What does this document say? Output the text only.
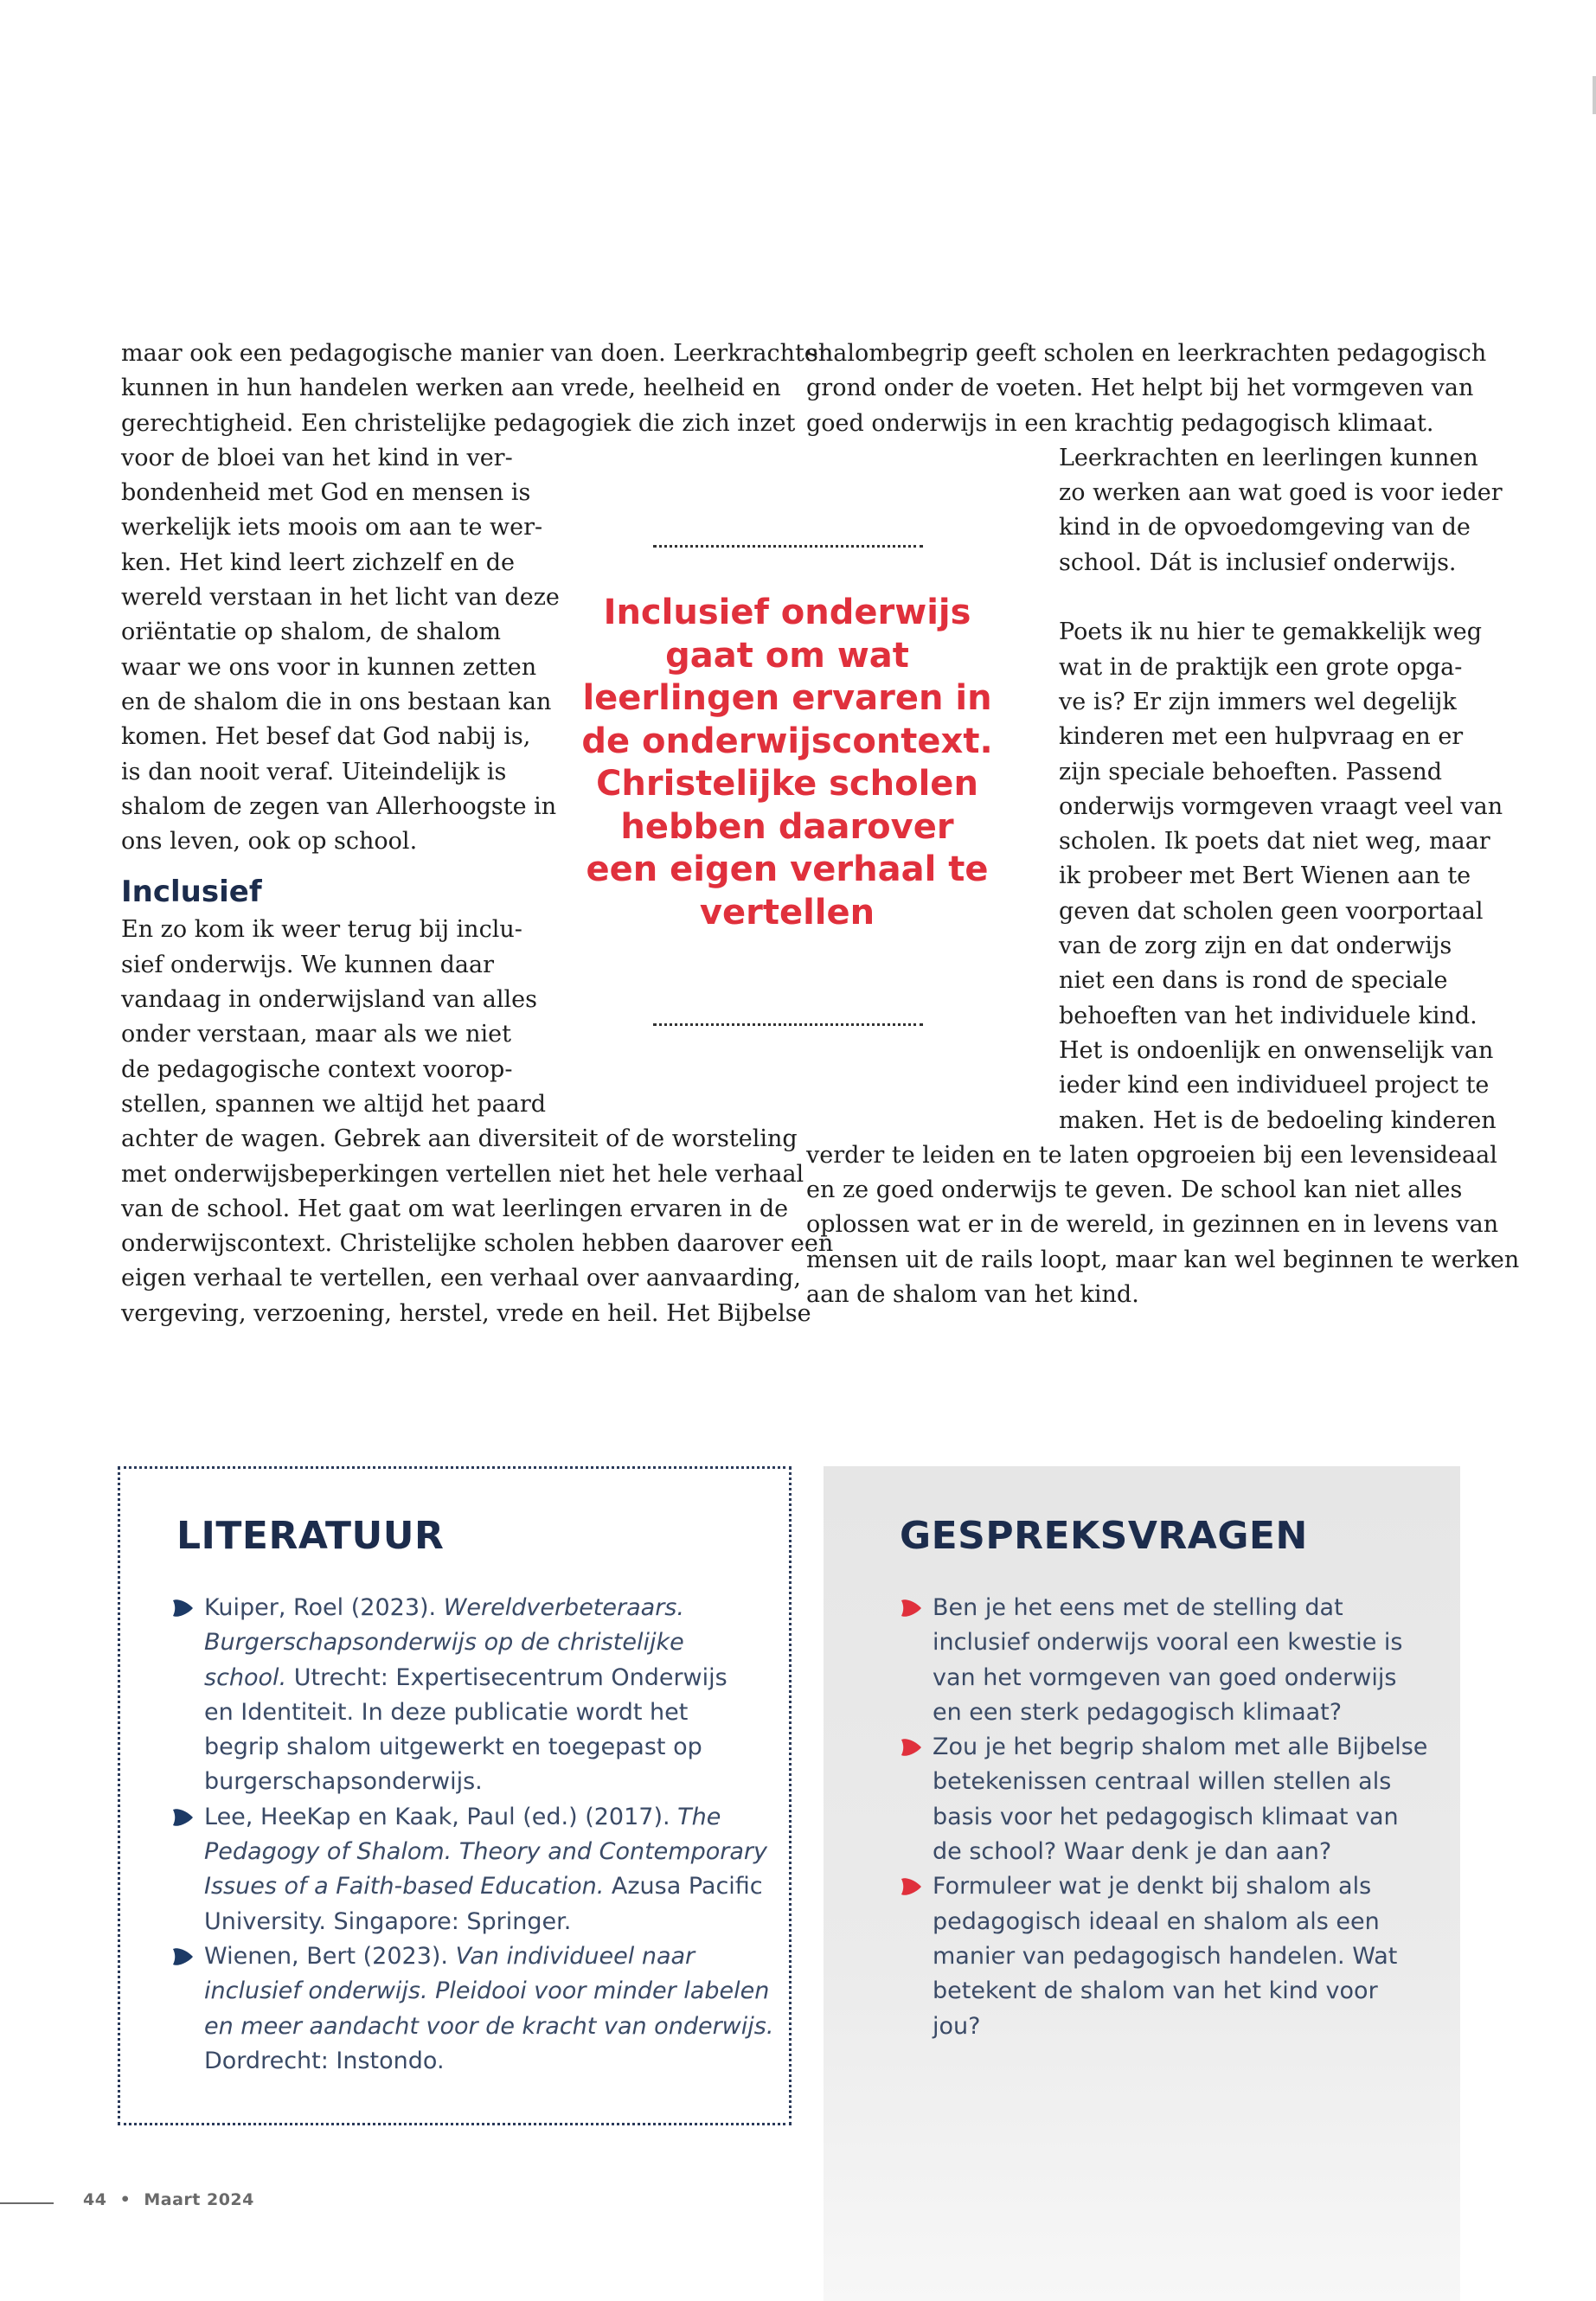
maar ook een pedagogische manier van doen. Leerkrachten
kunnen in hun handelen werken aan vrede, heelheid en
gerechtigheid. Een christelijke pedagogiek die zich inzet
voor de bloei van het kind in ver-
bondenheid met God en mensen is
werkelijk iets moois om aan te wer-
ken. Het kind leert zichzelf en de
wereld verstaan in het licht van deze
oriëntatie op shalom, de shalom
waar we ons voor in kunnen zetten
en de shalom die in ons bestaan kan
komen. Het besef dat God nabij is,
is dan nooit veraf. Uiteindelijk is
shalom de zegen van Allerhoogste in
ons leven, ook op school.
Inclusief
En zo kom ik weer terug bij inclu-
sief onderwijs. We kunnen daar
vandaag in onderwijsland van alles
onder verstaan, maar als we niet
de pedagogische context voorop-
stellen, spannen we altijd het paard
achter de wagen. Gebrek aan diversiteit of de worsteling
met onderwijsbeperkingen vertellen niet het hele verhaal
van de school. Het gaat om wat leerlingen ervaren in de
onderwijscontext. Christelijke scholen hebben daarover een
eigen verhaal te vertellen, een verhaal over aanvaarding,
vergeving, verzoening, herstel, vrede en heil. Het Bijbelse
shalombegrip geeft scholen en leerkrachten pedagogisch
grond onder de voeten. Het helpt bij het vormgeven van
goed onderwijs in een krachtig pedagogisch klimaat.
Leerkrachten en leerlingen kunnen
zo werken aan wat goed is voor ieder
kind in de opvoedomgeving van de
school. Dát is inclusief onderwijs.
Poets ik nu hier te gemakkelijk weg
wat in de praktijk een grote opga-
ve is? Er zijn immers wel degelijk
kinderen met een hulpvraag en er
zijn speciale behoeften. Passend
onderwijs vormgeven vraagt veel van
scholen. Ik poets dat niet weg, maar
ik probeer met Bert Wienen aan te
geven dat scholen geen voorportaal
van de zorg zijn en dat onderwijs
niet een dans is rond de speciale
behoeften van het individuele kind.
Het is ondoenlijk en onwenselijk van
ieder kind een individueel project te
maken. Het is de bedoeling kinderen
verder te leiden en te laten opgroeien bij een levensideaal
en ze goed onderwijs te geven. De school kan niet alles
oplossen wat er in de wereld, in gezinnen en in levens van
mensen uit de rails loopt, maar kan wel beginnen te werken
aan de shalom van het kind.
Inclusief onderwijs
gaat om wat
leerlingen ervaren in
de onderwijscontext.
Christelijke scholen
hebben daarover
een eigen verhaal te
vertellen
LITERATUUR
Kuiper, Roel (2023). Wereldverbeteraars.
Burgerschapsonderwijs op de christelijke
school. Utrecht: Expertisecentrum Onderwijs
en Identiteit. In deze publicatie wordt het
begrip shalom uitgewerkt en toegepast op
burgerschapsonderwijs.
Lee, HeeKap en Kaak, Paul (ed.) (2017). The
Pedagogy of Shalom. Theory and Contemporary
Issues of a Faith-based Education. Azusa Pacific
University. Singapore: Springer.
Wienen, Bert (2023). Van individueel naar
inclusief onderwijs. Pleidooi voor minder labelen
en meer aandacht voor de kracht van onderwijs.
Dordrecht: Instondo.
GESPREKSVRAGEN
Ben je het eens met de stelling dat
inclusief onderwijs vooral een kwestie is
van het vormgeven van goed onderwijs
en een sterk pedagogisch klimaat?
Zou je het begrip shalom met alle Bijbelse
betekenissen centraal willen stellen als
basis voor het pedagogisch klimaat van
de school? Waar denk je dan aan?
Formuleer wat je denkt bij shalom als
pedagogisch ideaal en shalom als een
manier van pedagogisch handelen. Wat
betekent de shalom van het kind voor
jou?
44 • Maart 2024
